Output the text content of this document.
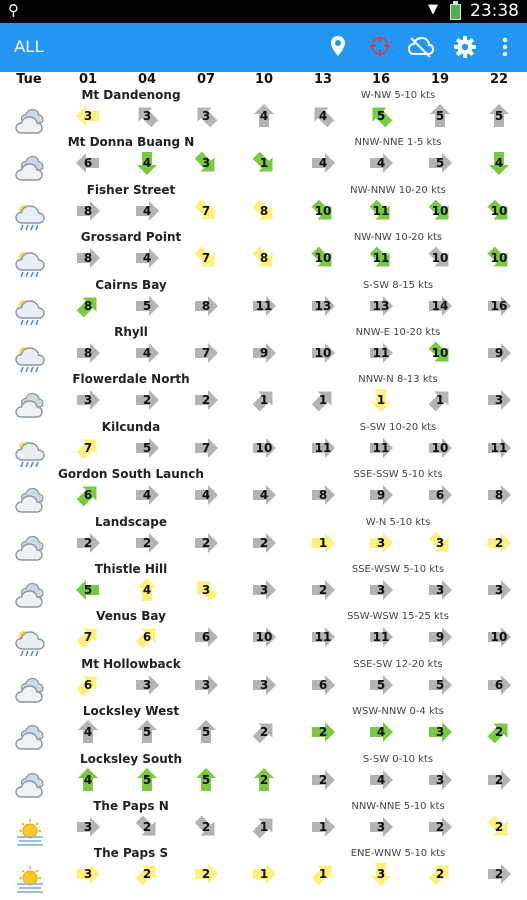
⚲	▼ 23:38
ALL
Tue	01	04	07	10	13	16	19	22
Mt Dandenong	W-NW 5-10 kts
3	3	3	4	4	5	5	5
Mt Donna Buang N	NNW-NNE 1-5 kts
6	4	3	1	4	4	5	4
Fisher Street	NW-NNW 10-20 kts
8	4	7	8	10	11	10	10
Grossard Point	NW-NW 10-20 kts
8	4	7	8	10	11	10	10
Cairns Bay	S-SW 8-15 kts
8	5	8	11	13	13	14	16
Rhyll	NNW-E 10-20 kts
8	4	7	9	10	11	10	9
Flowerdale North	NNW-N 8-13 kts
3	2	2	1	1	1	1	3
Kilcunda	S-SW 10-20 kts
7	5	7	10	11	11	10	11
Gordon South Launch	SSE-SSW 5-10 kts
6	4	4	4	8	9	6	8
Landscape	W-N 5-10 kts
2	2	2	2	1	3	3	2
Thistle Hill	SSE-WSW 5-10 kts
5	4	3	3	2	3	3	3
Venus Bay	SSW-WSW 15-25 kts
7	6	6	10	11	11	9	10
Mt Hollowback	SSE-SW 12-20 kts
6	3	3	3	6	5	5	6
Locksley West	WSW-NNW 0-4 kts
4	5	5	2	2	4	3	2
Locksley South	S-SW 0-10 kts
4	5	5	2	2	4	3	2
The Paps N	NNW-NNE 5-10 kts
3	2	2	1	1	3	2	2
The Paps S	ENE-WNW 5-10 kts
3	2	2	1	1	3	2	2
